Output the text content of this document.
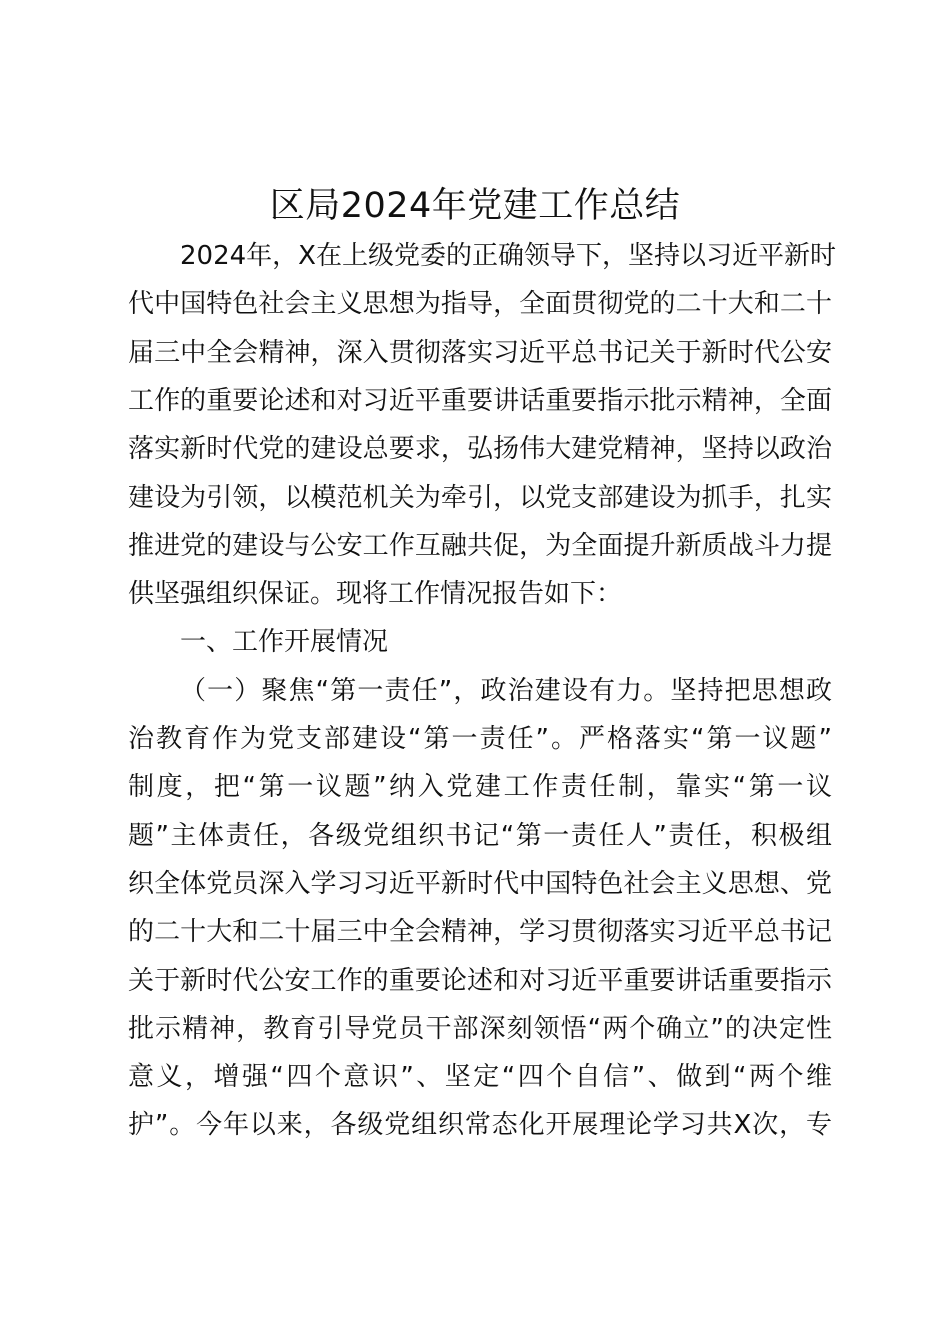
区局2024年党建工作总结
2024年，X在上级党委的正确领导下，坚持以习近平新时
代中国特色社会主义思想为指导，全面贯彻党的二十大和二十
届三中全会精神，深入贯彻落实习近平总书记关于新时代公安
工作的重要论述和对习近平重要讲话重要指示批示精神，全面
落实新时代党的建设总要求，弘扬伟大建党精神，坚持以政治
建设为引领，以模范机关为牵引，以党支部建设为抓手，扎实
推进党的建设与公安工作互融共促，为全面提升新质战斗力提
供坚强组织保证。现将工作情况报告如下：
一、工作开展情况
（一）聚焦“第一责任”，政治建设有力。坚持把思想政
治教育作为党支部建设“第一责任”。严格落实“第一议题”
制度，把“第一议题”纳入党建工作责任制，靠实“第一议
题”主体责任，各级党组织书记“第一责任人”责任，积极组
织全体党员深入学习习近平新时代中国特色社会主义思想、党
的二十大和二十届三中全会精神，学习贯彻落实习近平总书记
关于新时代公安工作的重要论述和对习近平重要讲话重要指示
批示精神，教育引导党员干部深刻领悟“两个确立”的决定性
意义，增强“四个意识”、坚定“四个自信”、做到“两个维
护”。今年以来，各级党组织常态化开展理论学习共X次，专
